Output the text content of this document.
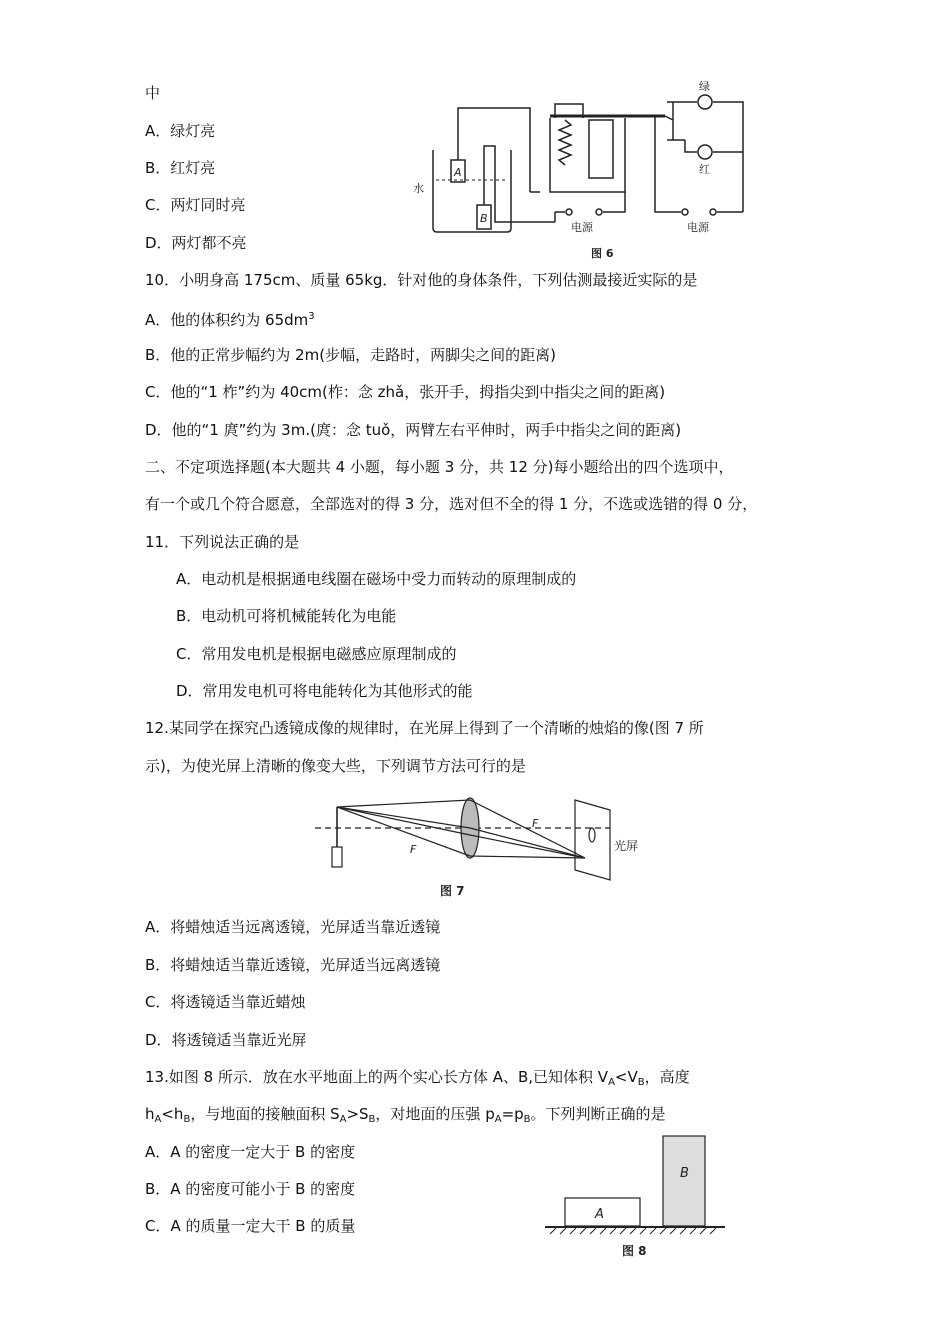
中
A．绿灯亮
B．红灯亮
C．两灯同时亮
D．两灯都不亮
10．小明身高 175cm、质量 65kg．针对他的身体条件，下列估测最接近实际的是
A．他的体积约为 $65dm^3$
B．他的正常步幅约为 2m(步幅，走路时，两脚尖之间的距离)
C．他的“1 柞”约为 40cm(柞：念 zhǎ，张开手，拇指尖到中指尖之间的距离)
D．他的“1 庹”约为 3m.(庹：念 tuǒ，两臂左右平伸时，两手中指尖之间的距离)
二、不定项选择题(本大题共 4 小题，每小题 3 分，共 12 分)每小题给出的四个选项中，
有一个或几个符合愿意，全部选对的得 3 分，选对但不全的得 1 分，不选或选错的得 0 分，
11．下列说法正确的是
A．电动机是根据通电线圈在磁场中受力而转动的原理制成的
B．电动机可将机械能转化为电能
C．常用发电机是根据电磁感应原理制成的
D．常用发电机可将电能转化为其他形式的能
12.某同学在探究凸透镜成像的规律时，在光屏上得到了一个清晰的烛焰的像(图 7 所
示)，为使光屏上清晰的像变大些，下列调节方法可行的是
A．将蜡烛适当远离透镜，光屏适当靠近透镜
B．将蜡烛适当靠近透镜，光屏适当远离透镜
C．将透镜适当靠近蜡烛
D．将透镜适当靠近光屏
13.如图 8 所示．放在水平地面上的两个实心长方体 A、B,已知体积 $V_A<V_B$，高度
$h_A<h_B$，与地面的接触面积 $S_A>S_B$，对地面的压强 $p_A=p_B$。下列判断正确的是
A．A 的密度一定大于 B 的密度
B．A 的密度可能小于 B 的密度
C．A 的质量一定大干 B 的质量
水
A
B
绿
红
电源	电源
图 6
F
F
光屏
图 7
A
B
图 8
